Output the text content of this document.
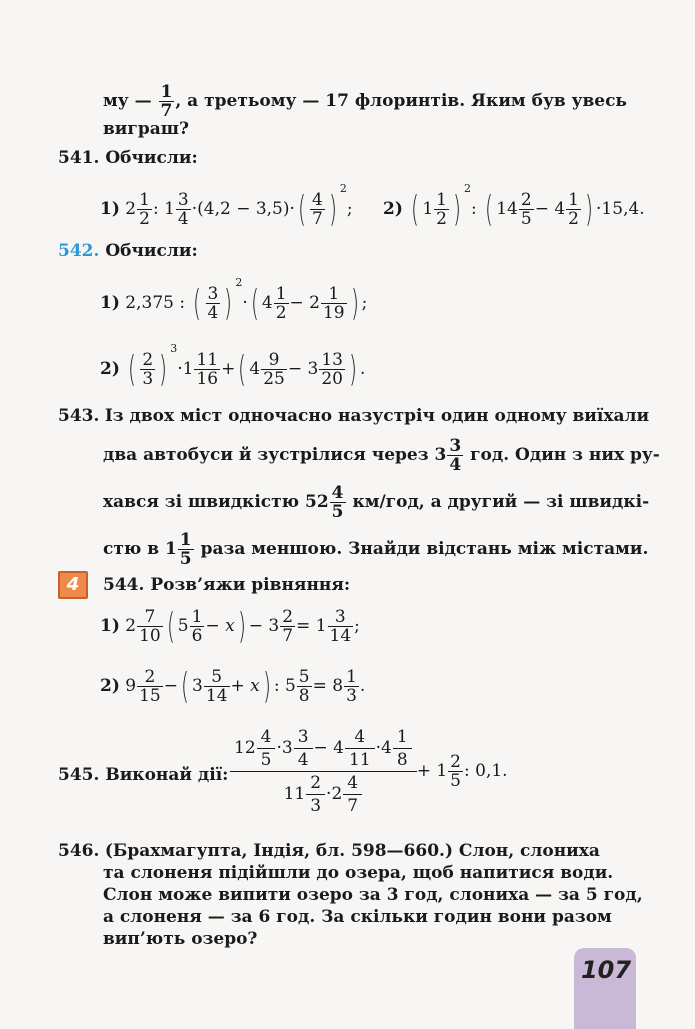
му — $\frac{1}{7}$ , а третьому — 17 флоринтів. Яким був увесь
виграш?
541. Обчисли:
1) $2 \frac{1}{2}$ : $1 \frac{3}{4} \cdot(4,2 - 3,5)\cdot( \frac{4}{7}$ ) $^2$; 2) ( $1 \frac{1}{2}$ ) $^2$: ( $14 \frac{2}{5} - 4 \frac{1}{2}$ ) ·15,4.
542. Обчисли:
1) 2,375 : ( $\frac{3}{4}$ ) $^2$·( $4 \frac{1}{2} - 2 \frac{1}{19}$ ) ;
2) ( $\frac{2}{3}$ ) $^3\cdot 1 \frac{11}{16}$ +( $4 \frac{9}{25} - 3 \frac{13}{20}$ ) .
543. Із двох міст одночасно назустріч один одному виїхали
два автобуси й зустрілися через $3 \frac{3}{4}$ год. Один з них ру-
хався зі швидкістю $52 \frac{4}{5} км/год$, а другий — зі швидкі-
стю в $1 \frac{1}{5}$ раза меншою. Знайди відстань між містами.
4	544. Розв’яжи рівняння:
1) $2 \frac{7}{10}$ ( $5 \frac{1}{6} - x) - 3 \frac{2}{7} = 1 \frac{3}{14}$ ;
2) $9 \frac{2}{15}$ −( $3 \frac{5}{14} + x$) : $5 \frac{5}{8} = 8 \frac{1}{3}$ .
545. Виконай дії: $\frac{12 \frac{4}{5} \cdot 3 \frac{3}{4} - 4 \frac{4}{11} \cdot 4 \frac{1}{8}}{11 \frac{2}{3} \cdot 2 \frac{4}{7}} + 1 \frac{2}{5}$ : 0,1.
546. (Брахмагупта, Індія, бл. 598—660.) Слон, слониха
та слоненя підійшли до озера, щоб напитися води.
Слон може випити озеро за 3 год, слониха — за 5 год,
а слоненя — за 6 год. За скільки годин вони разом
вип’ють озеро?
107
